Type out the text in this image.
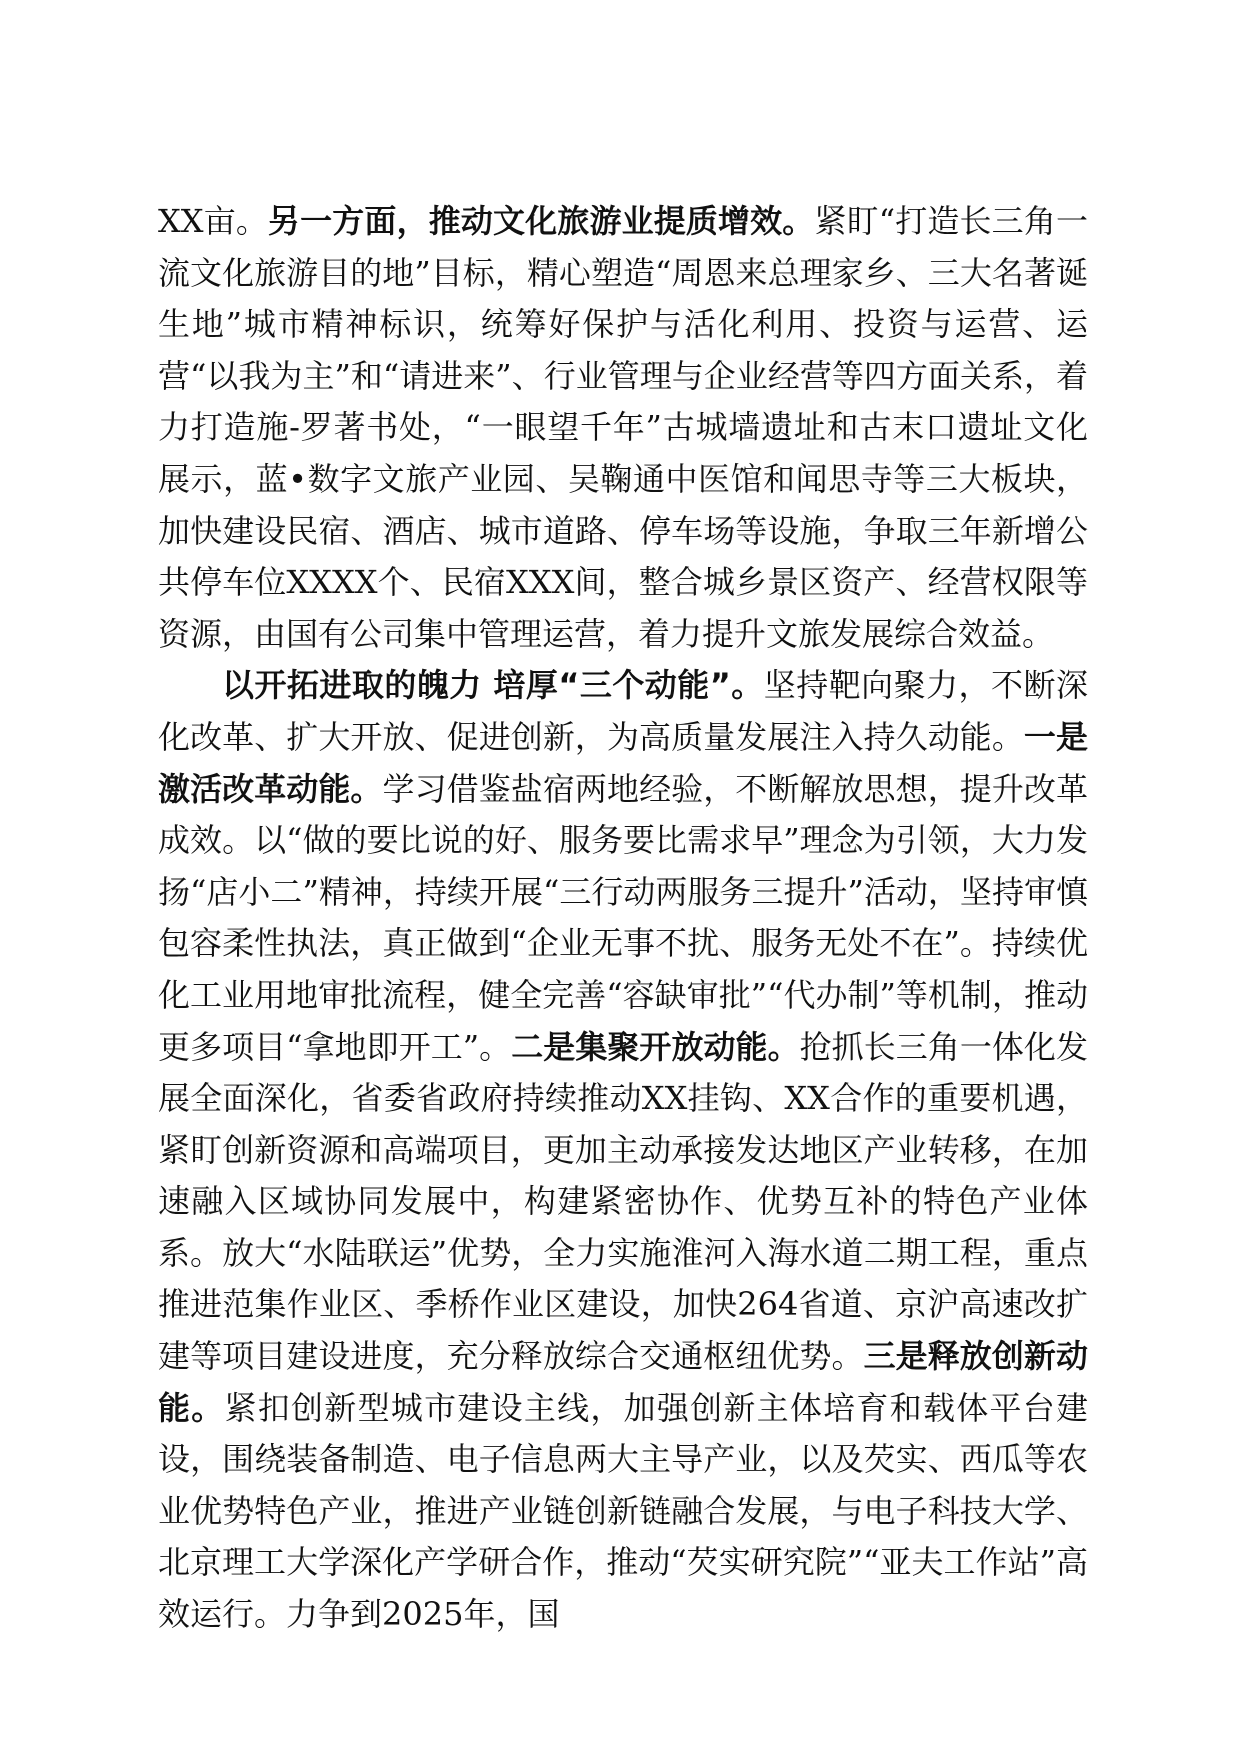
XX亩。另一方面，推动文化旅游业提质增效。紧盯“打造长三角一流文化旅游目的地”目标，精心塑造“周恩来总理家乡、三大名著诞生地”城市精神标识，统筹好保护与活化利用、投资与运营、运营“以我为主”和“请进来”、行业管理与企业经营等四方面关系，着力打造施-罗著书处，“一眼望千年”古城墙遗址和古末口遗址文化展示，蓝•数字文旅产业园、吴鞠通中医馆和闻思寺等三大板块，加快建设民宿、酒店、城市道路、停车场等设施，争取三年新增公共停车位XXXX个、民宿XXX间，整合城乡景区资产、经营权限等资源，由国有公司集中管理运营，着力提升文旅发展综合效益。

以开拓进取的魄力 培厚“三个动能”。坚持靶向聚力，不断深化改革、扩大开放、促进创新，为高质量发展注入持久动能。一是激活改革动能。学习借鉴盐宿两地经验，不断解放思想，提升改革成效。以“做的要比说的好、服务要比需求早”理念为引领，大力发扬“店小二”精神，持续开展“三行动两服务三提升”活动，坚持审慎包容柔性执法，真正做到“企业无事不扰、服务无处不在”。持续优化工业用地审批流程，健全完善“容缺审批”“代办制”等机制，推动更多项目“拿地即开工”。二是集聚开放动能。抢抓长三角一体化发展全面深化，省委省政府持续推动XX挂钩、XX合作的重要机遇，紧盯创新资源和高端项目，更加主动承接发达地区产业转移，在加速融入区域协同发展中，构建紧密协作、优势互补的特色产业体系。放大“水陆联运”优势，全力实施淮河入海水道二期工程，重点推进范集作业区、季桥作业区建设，加快264省道、京沪高速改扩建等项目建设进度，充分释放综合交通枢纽优势。三是释放创新动能。紧扣创新型城市建设主线，加强创新主体培育和载体平台建设，围绕装备制造、电子信息两大主导产业，以及芡实、西瓜等农业优势特色产业，推进产业链创新链融合发展，与电子科技大学、北京理工大学深化产学研合作，推动“芡实研究院”“亚夫工作站”高效运行。力争到2025年，国
